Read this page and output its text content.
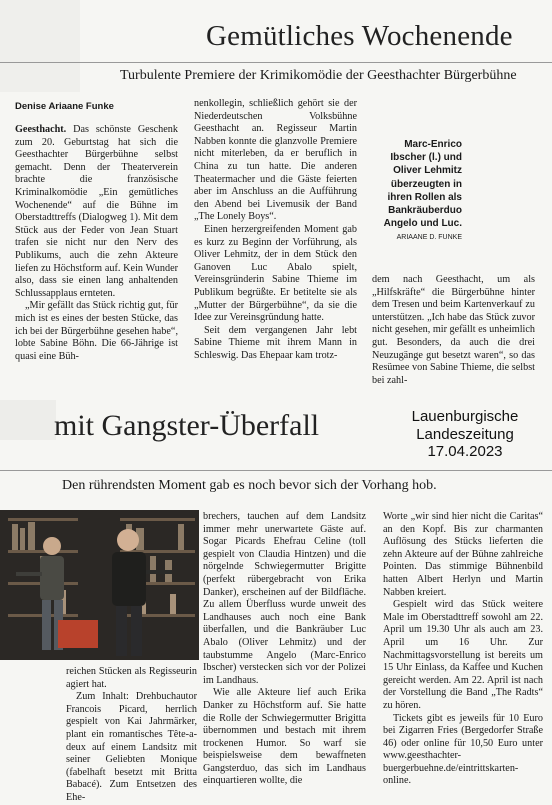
Gemütliches Wochenende
Turbulente Premiere der Krimikomödie der Geesthachter Bürgerbühne
Denise Ariaane Funke

Geesthacht. Das schönste Geschenk zum 20. Geburtstag hat sich die Geesthachter Bürgerbühne selbst gemacht. Denn der Theaterverein brachte die französische Kriminalkomödie „Ein gemütliches Wochenende“ auf die Bühne im Oberstadttreffs (Dialogweg 1). Mit dem Stück aus der Feder von Jean Stuart trafen sie nicht nur den Nerv des Publikums, auch die zehn Akteure liefen zu Höchstform auf. Kein Wunder also, dass sie einen lang anhaltenden Schlussapplaus ernteten.

„Mir gefällt das Stück richtig gut, für mich ist es eines der besten Stücke, das ich bei der Bürgerbühne gesehen habe“, lobte Sabine Böhn. Die 66-Jährige ist quasi eine Büh-

nenkollegin, schließlich gehört sie der Niederdeutschen Volksbühne Geesthacht an. Regisseur Martin Nabben konnte die glanzvolle Premiere nicht miterleben, da er beruflich in China zu tun hatte. Die anderen Theatermacher und die Gäste feierten aber im Anschluss an die Aufführung den Abend bei Livemusik der Band „The Lonely Boys“.

Einen herzergreifenden Moment gab es kurz zu Beginn der Vorführung, als Oliver Lehmitz, der in dem Stück den Ganoven Luc Abalo spielt, Vereinsgründerin Sabine Thieme im Publikum begrüßte. Er betitelte sie als „Mutter der Bürgerbühne“, da sie die Idee zur Vereinsgründung hatte.

Seit dem vergangenen Jahr lebt Sabine Thieme mit ihrem Mann in Schleswig. Das Ehepaar kam trotz-

Marc-Enrico Ibscher (l.) und Oliver Lehmitz überzeugten in ihren Rollen als Bankräuberduo Angelo und Luc. ARIAANE D. FUNKE

dem nach Geesthacht, um als „Hilfskräfte“ die Bürgerbühne hinter dem Tresen und beim Kartenverkauf zu unterstützen. „Ich habe das Stück zuvor nicht gesehen, mir gefällt es unheimlich gut. Besonders, da auch die drei Neuzugänge gut besetzt waren“, so das Resümee von Sabine Thieme, die selbst bei zahl-

Lauenburgische
Landeszeitung
17.04.2023
mit Gangster-Überfall
Den rührendsten Moment gab es noch bevor sich der Vorhang hob.

reichen Stücken als Regisseurin agiert hat.

Zum Inhalt: Drehbuchautor Francois Picard, herrlich gespielt von Kai Jahrmärker, plant ein romantisches Tête-a-deux auf einem Landsitz mit seiner Geliebten Monique (fabelhaft besetzt mit Britta Babacé). Zum Entsetzen des Ehe-

brechers, tauchen auf dem Landsitz immer mehr unerwartete Gäste auf. Sogar Picards Ehefrau Celine (toll gespielt von Claudia Hintzen) und die nörgelnde Schwiegermutter Brigitte (perfekt rübergebracht von Erika Danker), erscheinen auf der Bildfläche. Zu allem Überfluss wurde unweit des Landhauses auch noch eine Bank überfallen, und die Bankräuber Luc Abalo (Oliver Lehmitz) und der taubstumme Angelo (Marc-Enrico Ibscher) verstecken sich vor der Polizei im Landhaus.

Wie alle Akteure lief auch Erika Danker zu Höchstform auf. Sie hatte die Rolle der Schwiegermutter Brigitta übernommen und bestach mit ihrem trockenen Humor. So warf sie beispielsweise dem bewaffneten Gangsterduo, das sich im Landhaus einquartieren wollte, die

Worte „wir sind hier nicht die Caritas“ an den Kopf. Bis zur charmanten Auflösung des Stücks lieferten die zehn Akteure auf der Bühne zahlreiche Pointen. Das stimmige Bühnenbild hatten Albert Herlyn und Martin Nabben kreiert.

Gespielt wird das Stück weitere Male im Oberstadttreff sowohl am 22. April um 19.30 Uhr als auch am 23. April um 16 Uhr. Zur Nachmittagsvorstellung ist bereits um 15 Uhr Einlass, da Kaffee und Kuchen gereicht werden. Am 22. April ist nach der Vorstellung die Band „The Radts“ zu hören.

Tickets gibt es jeweils für 10 Euro bei Zigarren Fries (Bergedorfer Straße 46) oder online für 10,50 Euro unter www.geesthachter-buergerbuehne.de/eintrittskarten-online.
